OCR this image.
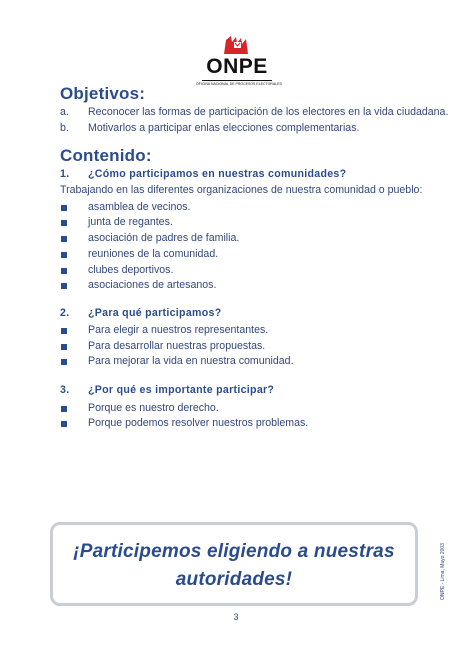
ONPE
OFICINA NACIONAL DE PROCESOS ELECTORALES
Objetivos:
a. Reconocer las formas de participación de los electores en la vida ciudadana.
b. Motivarlos a participar enlas elecciones complementarias.
Contenido:
1. ¿Cómo participamos en nuestras comunidades?
Trabajando en las diferentes organizaciones de nuestra comunidad o pueblo:
asamblea de vecinos.
junta de regantes.
asociación de padres de familia.
reuniones de la comunidad.
clubes deportivos.
asociaciones de artesanos.
2. ¿Para qué participamos?
Para elegir a nuestros representantes.
Para desarrollar nuestras propuestas.
Para mejorar la vida en nuestra comunidad.
3. ¿Por qué es importante participar?
Porque es nuestro derecho.
Porque podemos resolver nuestros problemas.
¡Participemos eligiendo a nuestras
autoridades!
3
ONPE - Lima, Mayo 2003
